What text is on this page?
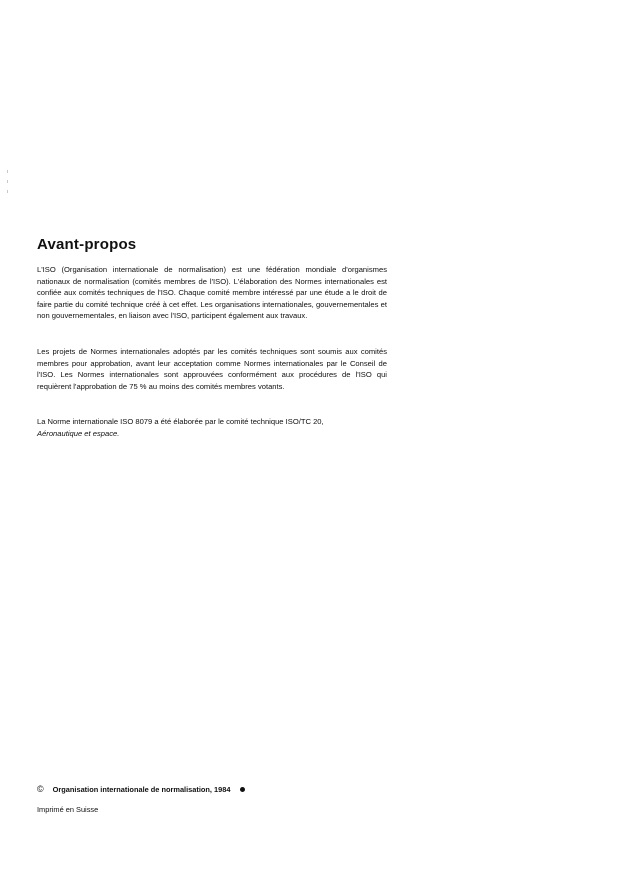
Avant-propos

L'ISO (Organisation internationale de normalisation) est une fédération mondiale d'organismes nationaux de normalisation (comités membres de l'ISO). L'élaboration des Normes internationales est confiée aux comités techniques de l'ISO. Chaque comité membre intéressé par une étude a le droit de faire partie du comité technique créé à cet effet. Les organisations internationales, gouvernementales et non gouvernementales, en liaison avec l'ISO, participent également aux travaux.

Les projets de Normes internationales adoptés par les comités techniques sont soumis aux comités membres pour approbation, avant leur acceptation comme Normes internationales par le Conseil de l'ISO. Les Normes internationales sont approuvées conformément aux procédures de l'ISO qui requièrent l'approbation de 75 % au moins des comités membres votants.

La Norme internationale ISO 8079 a été élaborée par le comité technique ISO/TC 20,
Aéronautique et espace.

© Organisation internationale de normalisation, 1984
Imprimé en Suisse
